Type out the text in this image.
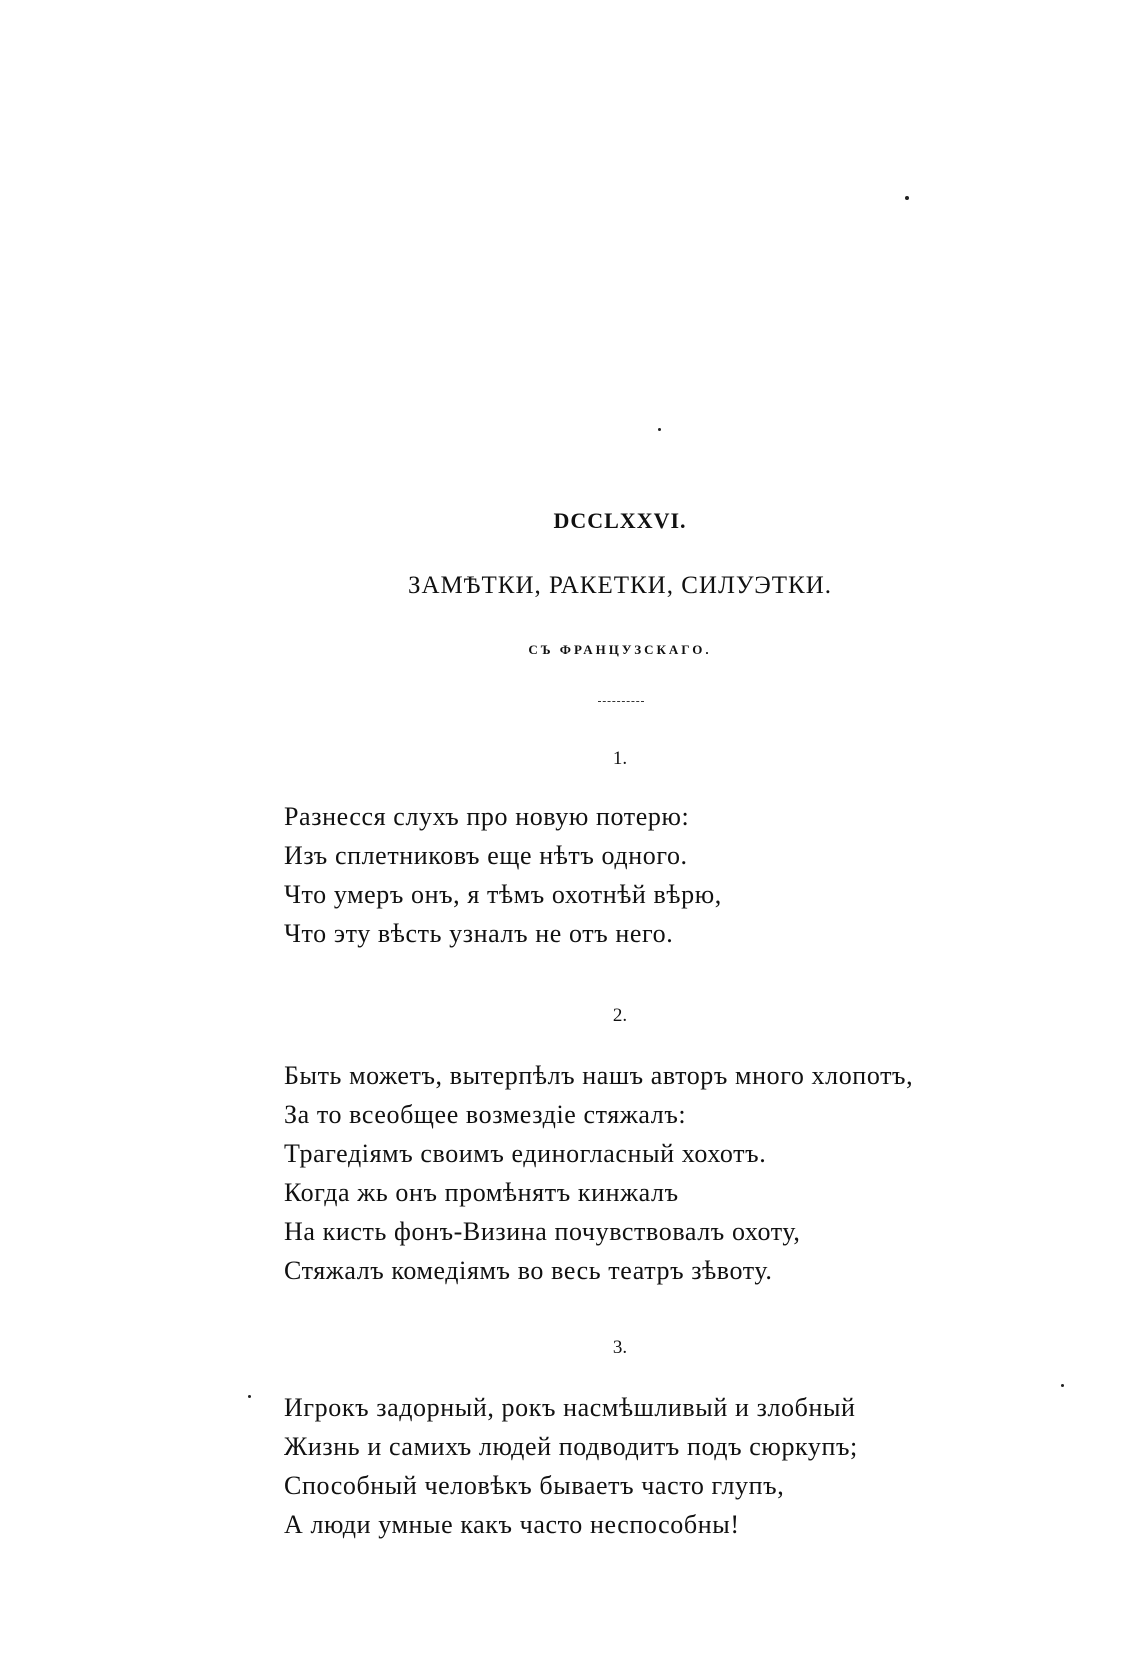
DCCLXXVI.
ЗАМѢТКИ, РАКЕТКИ, СИЛУЭТКИ.
СЪ ФРАНЦУЗСКАГО.
1.
Разнесся слухъ про новую потерю:
Изъ сплетниковъ еще нѣтъ одного.
Что умеръ онъ, я тѣмъ охотнѣй вѣрю,
Что эту вѣсть узналъ не отъ него.
2.
Быть можетъ, вытерпѣлъ нашъ авторъ много хлопотъ,
За то всеобщее возмездіе стяжалъ:
Трагедіямъ своимъ единогласный хохотъ.
Когда жь онъ промѣнятъ кинжалъ
На кисть фонъ-Визина почувствовалъ охоту,
Стяжалъ комедіямъ во весь театръ зѣвоту.
3.
Игрокъ задорный, рокъ насмѣшливый и злобный
Жизнь и самихъ людей подводитъ подъ сюркупъ;
Способный человѣкъ бываетъ часто глупъ,
А люди умные какъ часто неспособны!
